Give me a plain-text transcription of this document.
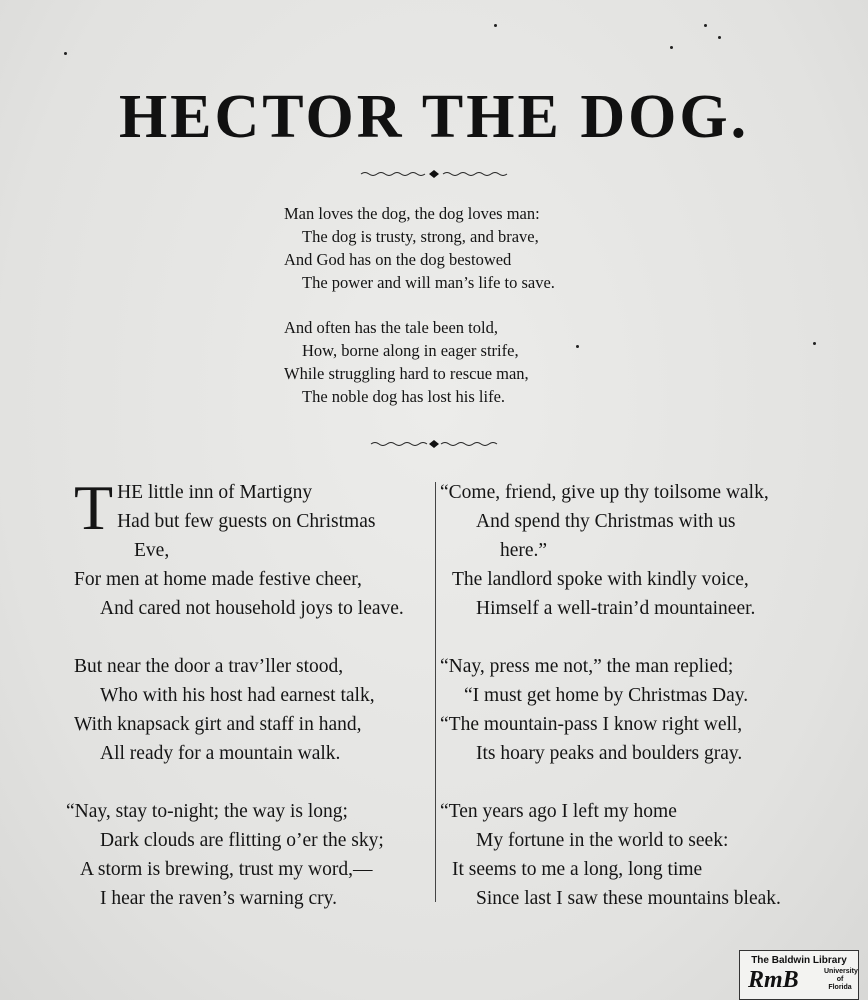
HECTOR THE DOG.
Man loves the dog, the dog loves man:
The dog is trusty, strong, and brave,
And God has on the dog bestowed
The power and will man’s life to save.
And often has the tale been told,
How, borne along in eager strife,
While struggling hard to rescue man,
The noble dog has lost his life.
T HE little inn of Martigny
Had but few guests on Christmas
Eve,
For men at home made festive cheer,
And cared not household joys to leave.
But near the door a trav’ller stood,
Who with his host had earnest talk,
With knapsack girt and staff in hand,
All ready for a mountain walk.
“Nay, stay to-night; the way is long;
Dark clouds are flitting o’er the sky;
A storm is brewing, trust my word,—
I hear the raven’s warning cry.
“Come, friend, give up thy toilsome walk,
And spend thy Christmas with us
here.”
The landlord spoke with kindly voice,
Himself a well-train’d mountaineer.
“Nay, press me not,” the man replied;
“I must get home by Christmas Day.
“The mountain-pass I know right well,
Its hoary peaks and boulders gray.
“Ten years ago I left my home
My fortune in the world to seek:
It seems to me a long, long time
Since last I saw these mountains bleak.
The Baldwin Library
RmB	University
of
Florida
